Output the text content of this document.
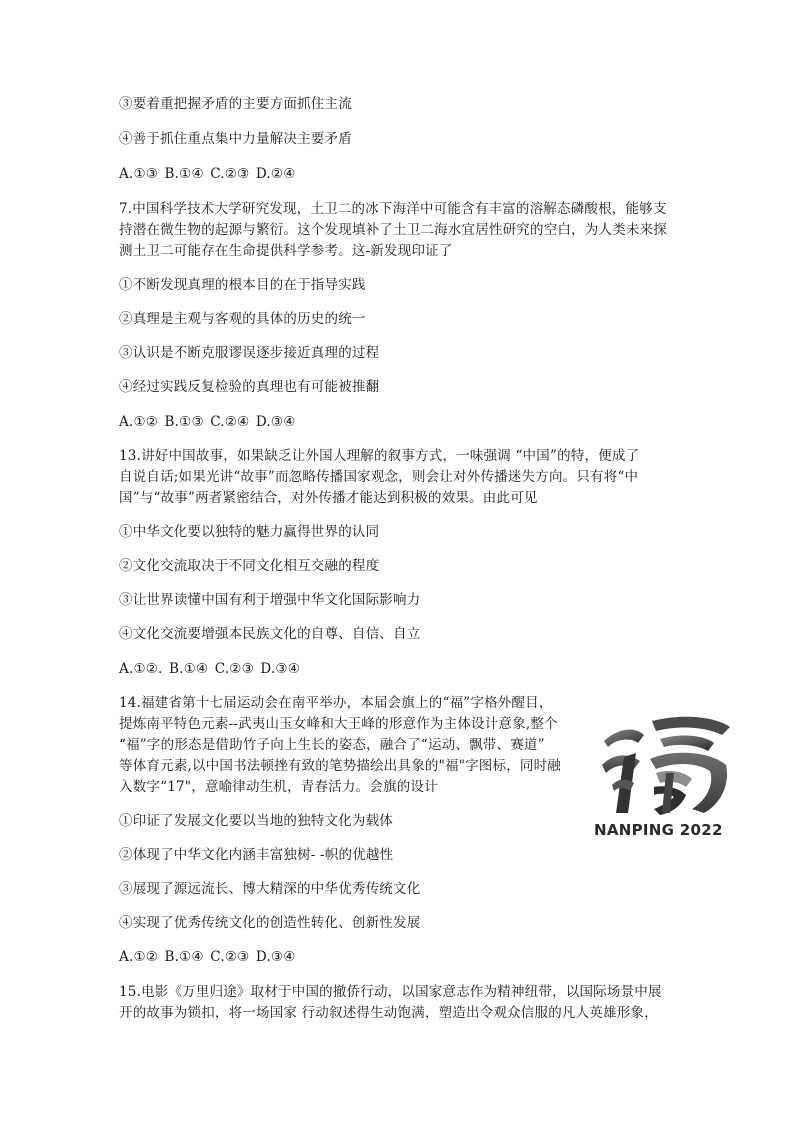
③要着重把握矛盾的主要方面抓住主流
④善于抓住重点集中力量解决主要矛盾
A.①③ B.①④ C.②③ D.②④
7.中国科学技术大学研究发现，土卫二的冰下海洋中可能含有丰富的溶解态磷酸根，能够支
持潜在微生物的起源与繁衍。这个发现填补了土卫二海水宜居性研究的空白，为人类未来探
测土卫二可能存在生命提供科学参考。这-新发现印证了
①不断发现真理的根本目的在于指导实践
②真理是主观与客观的具体的历史的统一
③认识是不断克服谬误逐步接近真理的过程
④经过实践反复检验的真理也有可能被推翻
A.①② B.①③ C.②④ D.③④
13.讲好中国故事，如果缺乏让外国人理解的叙事方式，一味强调 “中国”的特，便成了
自说自话;如果光讲“故事”而忽略传播国家观念，则会让对外传播迷失方向。只有将“中
国”与“故事”两者紧密结合，对外传播才能达到积极的效果。由此可见
①中华文化要以独特的魅力赢得世界的认同
②文化交流取决于不同文化相互交融的程度
③让世界读懂中国有利于增强中华文化国际影响力
④文化交流要增强本民族文化的自尊、自信、自立
A.①②. B.①④ C.②③ D.③④
14.福建省第十七届运动会在南平举办，本届会旗上的“福”字格外醒目，
提炼南平特色元素--武夷山玉女峰和大王峰的形意作为主体设计意象,整个
“福”字的形态是借助竹子向上生长的姿态，融合了“运动、飘带、赛道”
等体育元素,以中国书法顿挫有致的笔势描绘出具象的"福"字图标，同时融
入数字“17"，意喻律动生机，青春活力。会旗的设计
①印证了发展文化要以当地的独特文化为载体
②体现了中华文化内涵丰富独树- -帜的优越性
③展现了源远流长、博大精深的中华优秀传统文化
④实现了优秀传统文化的创造性转化、创新性发展
A.①② B.①④ C.②③ D.③④
NANPING 2022
15.电影《万里归途》取材于中国的撤侨行动，以国家意志作为精神纽带，以国际场景中展
开的故事为锁扣，将一场国家 行动叙述得生动饱满，塑造出令观众信服的凡人英雄形象，
